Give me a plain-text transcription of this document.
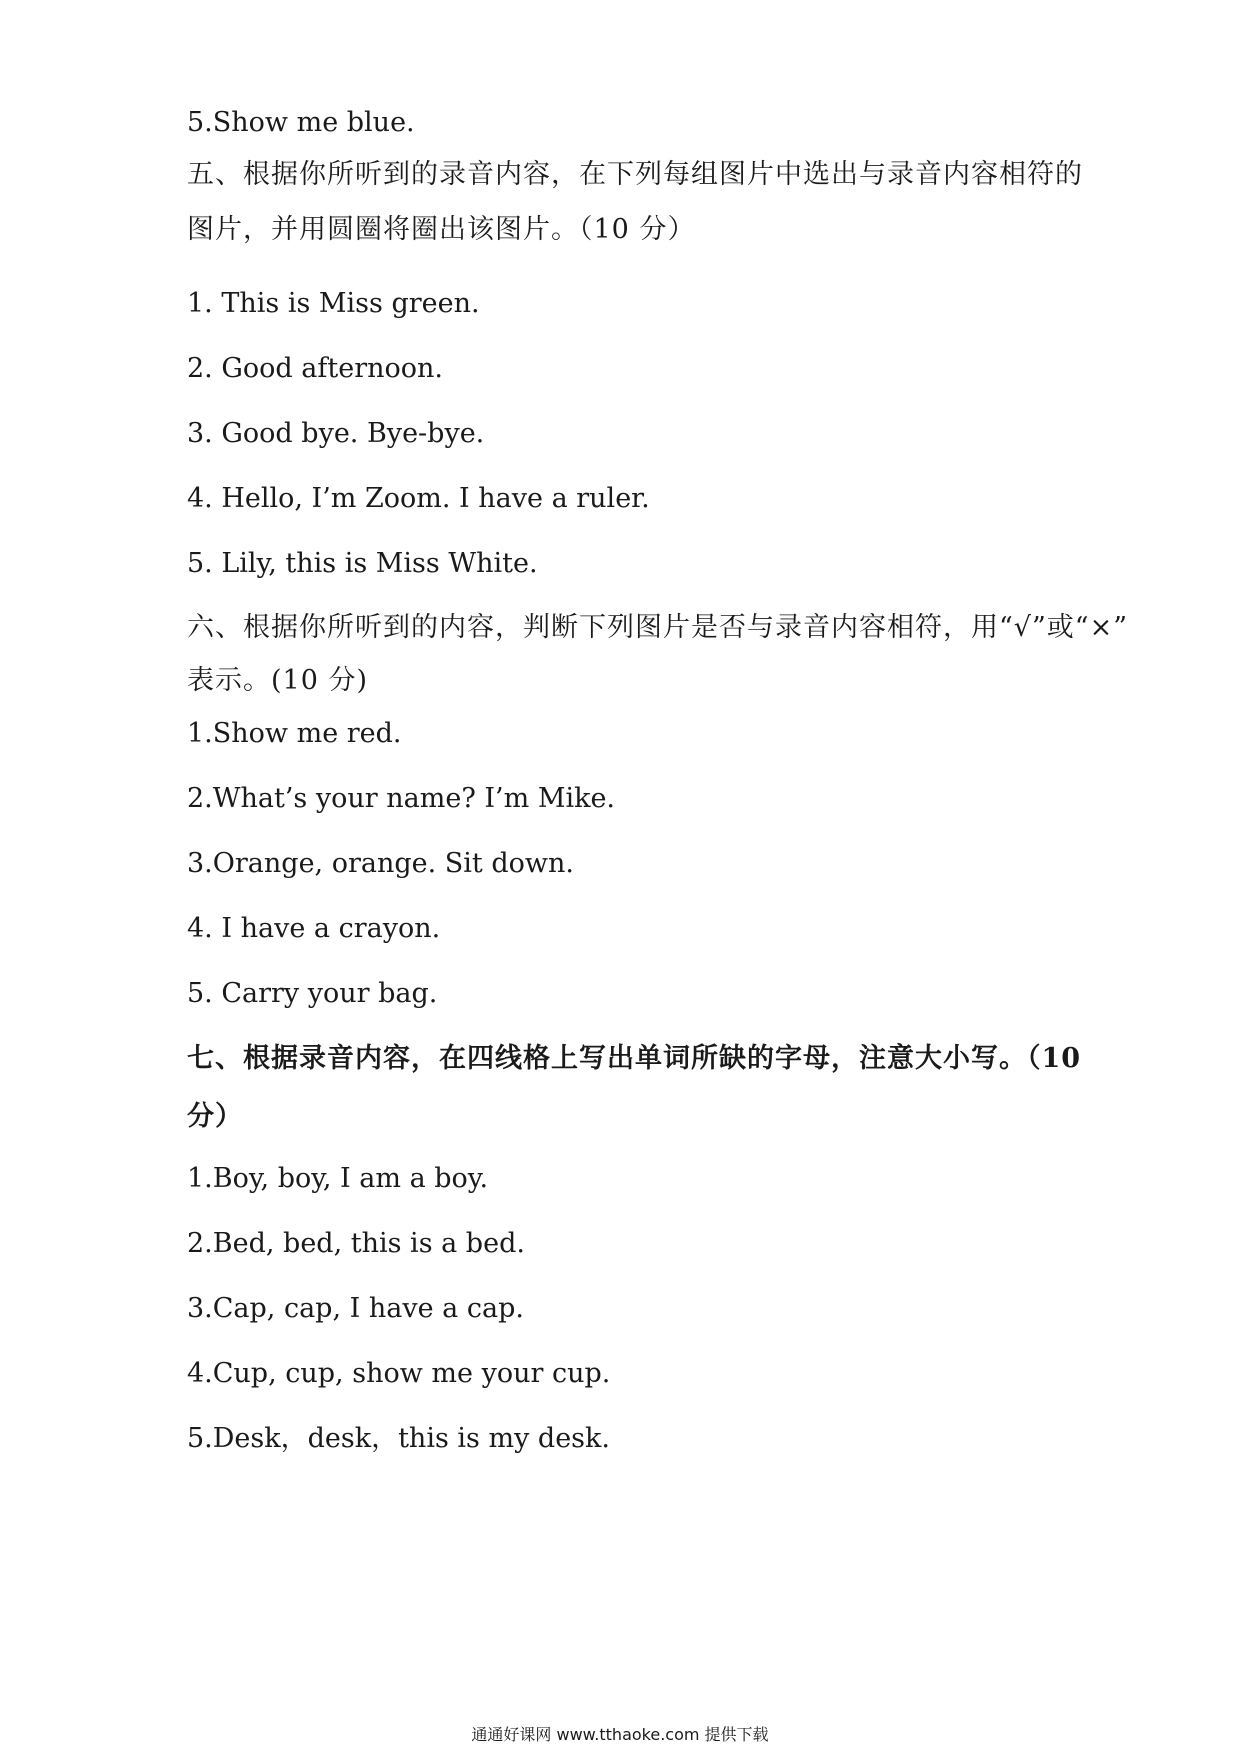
5.Show me blue.
五、根据你所听到的录音内容，在下列每组图片中选出与录音内容相符的
图片，并用圆圈将圈出该图片。（10 分）
1. This is Miss green.
2. Good afternoon.
3. Good bye. Bye-bye.
4. Hello, I’m Zoom. I have a ruler.
5. Lily, this is Miss White.
六、根据你所听到的内容，判断下列图片是否与录音内容相符，用“√”或“×”
表示。(10 分)
1.Show me red.
2.What’s your name? I’m Mike.
3.Orange, orange. Sit down.
4. I have a crayon.
5. Carry your bag.
七、根据录音内容，在四线格上写出单词所缺的字母，注意大小写。（10
分）
1.Boy, boy, I am a boy.
2.Bed, bed, this is a bed.
3.Cap, cap, I have a cap.
4.Cup, cup, show me your cup.
5.Desk，desk，this is my desk.
通通好课网 www.tthaoke.com 提供下载
